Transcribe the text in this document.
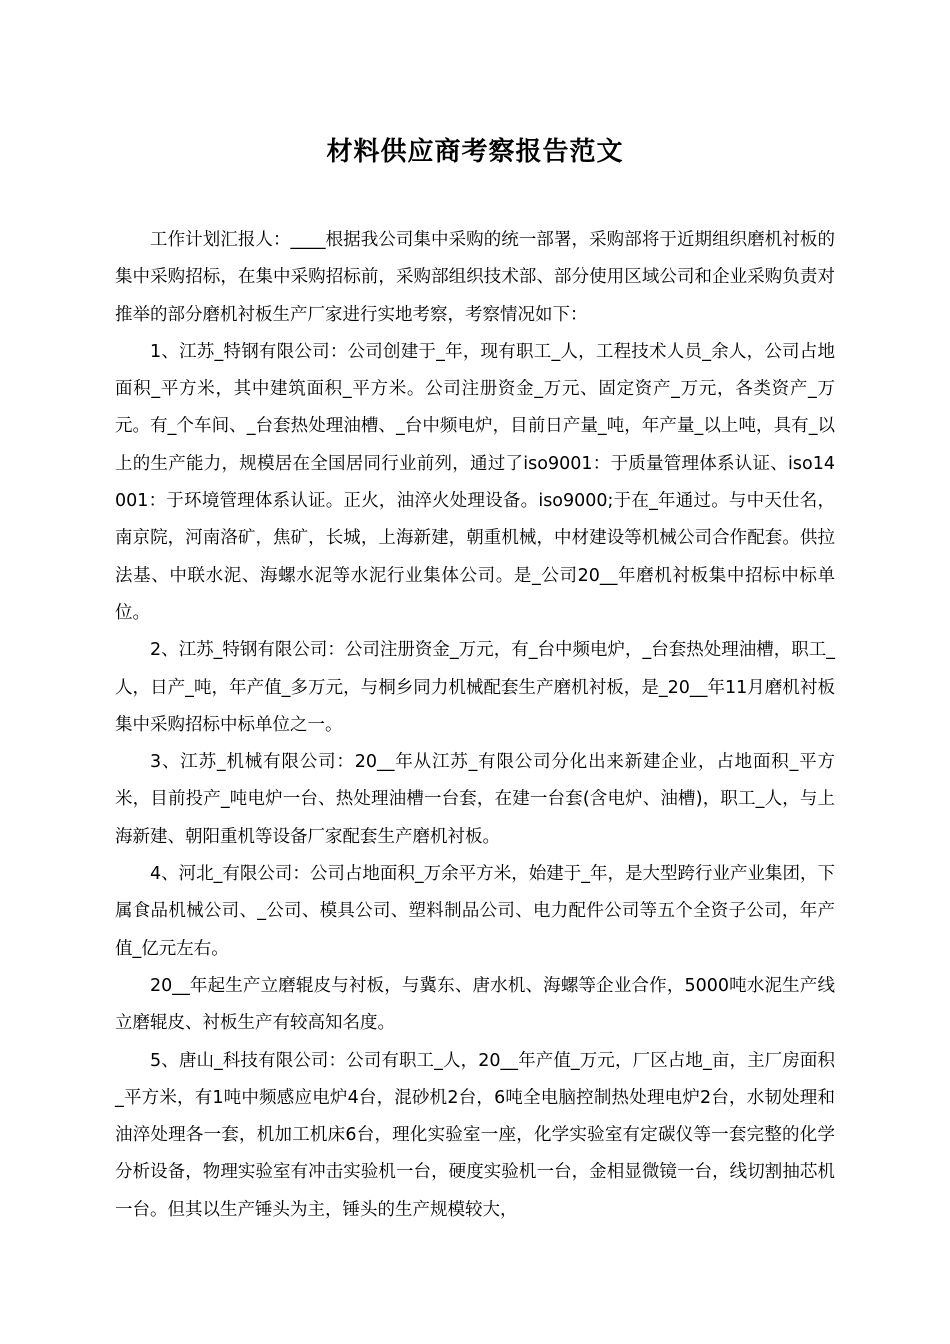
材料供应商考察报告范文

工作计划汇报人：____根据我公司集中采购的统一部署，采购部将于近期组织磨机衬板的集中采购招标，在集中采购招标前，采购部组织技术部、部分使用区域公司和企业采购负责对推举的部分磨机衬板生产厂家进行实地考察，考察情况如下：

1、江苏_特钢有限公司：公司创建于_年，现有职工_人，工程技术人员_余人，公司占地面积_平方米，其中建筑面积_平方米。公司注册资金_万元、固定资产_万元，各类资产_万元。有_个车间、_台套热处理油槽、_台中频电炉，目前日产量_吨，年产量_以上吨，具有_以上的生产能力，规模居在全国居同行业前列，通过了iso9001：于质量管理体系认证、iso14001：于环境管理体系认证。正火，油淬火处理设备。iso9000;于在_年通过。与中天仕名，南京院，河南洛矿，焦矿，长城，上海新建，朝重机械，中材建设等机械公司合作配套。供拉法基、中联水泥、海螺水泥等水泥行业集体公司。是_公司20__年磨机衬板集中招标中标单位。

2、江苏_特钢有限公司：公司注册资金_万元，有_台中频电炉，_台套热处理油槽，职工_人，日产_吨，年产值_多万元，与桐乡同力机械配套生产磨机衬板，是_20__年11月磨机衬板集中采购招标中标单位之一。

3、江苏_机械有限公司：20__年从江苏_有限公司分化出来新建企业，占地面积_平方米，目前投产_吨电炉一台、热处理油槽一台套，在建一台套(含电炉、油槽)，职工_人，与上海新建、朝阳重机等设备厂家配套生产磨机衬板。

4、河北_有限公司：公司占地面积_万余平方米，始建于_年，是大型跨行业产业集团，下属食品机械公司、_公司、模具公司、塑料制品公司、电力配件公司等五个全资子公司，年产值_亿元左右。

20__年起生产立磨辊皮与衬板，与冀东、唐水机、海螺等企业合作，5000吨水泥生产线立磨辊皮、衬板生产有较高知名度。

5、唐山_科技有限公司：公司有职工_人，20__年产值_万元，厂区占地_亩，主厂房面积_平方米，有1吨中频感应电炉4台，混砂机2台，6吨全电脑控制热处理电炉2台，水韧处理和油淬处理各一套，机加工机床6台，理化实验室一座，化学实验室有定碳仪等一套完整的化学分析设备，物理实验室有冲击实验机一台，硬度实验机一台，金相显微镜一台，线切割抽芯机一台。但其以生产锤头为主，锤头的生产规模较大，
